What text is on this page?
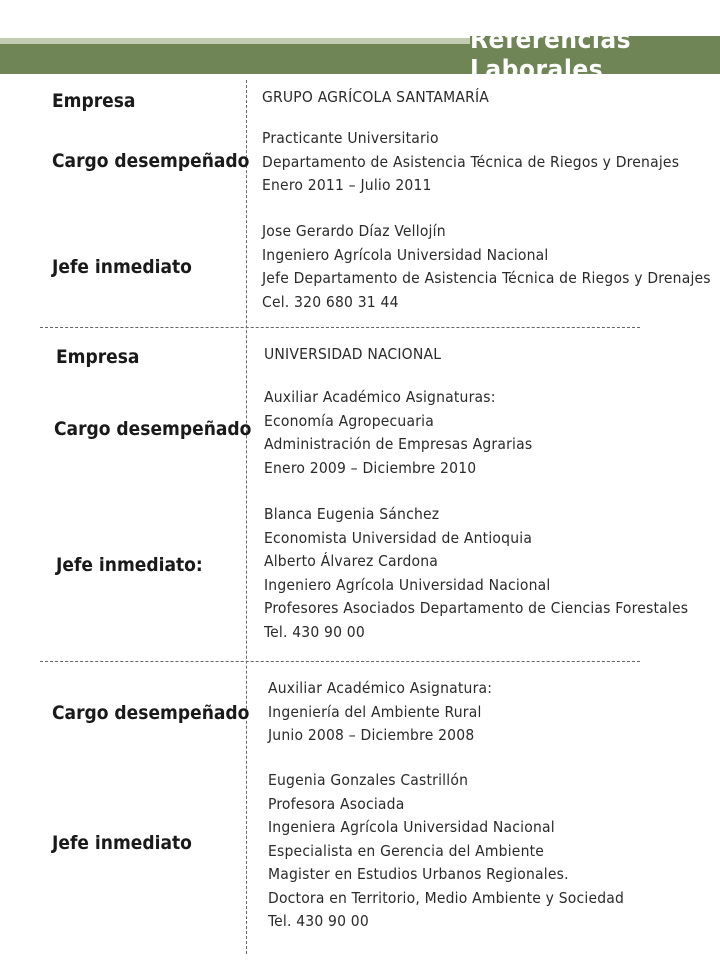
Referencias Laborales
Empresa	GRUPO AGRÍCOLA SANTAMARÍA
Cargo desempeñado
Practicante Universitario
Departamento de Asistencia Técnica de Riegos y Drenajes
Enero 2011 – Julio 2011
Jefe inmediato
Jose Gerardo Díaz Vellojín
Ingeniero Agrícola Universidad Nacional
Jefe Departamento de Asistencia Técnica de Riegos y Drenajes
Cel. 320 680 31 44
Empresa	UNIVERSIDAD NACIONAL
Cargo desempeñado
Auxiliar Académico Asignaturas:
Economía Agropecuaria
Administración de Empresas Agrarias
Enero 2009 – Diciembre 2010
Jefe inmediato:
Blanca Eugenia Sánchez
Economista Universidad de Antioquia
Alberto Álvarez Cardona
Ingeniero Agrícola Universidad Nacional
Profesores Asociados Departamento de Ciencias Forestales
Tel. 430 90 00
Cargo desempeñado
Auxiliar Académico Asignatura:
Ingeniería del Ambiente Rural
Junio 2008 – Diciembre 2008
Jefe inmediato
Eugenia Gonzales Castrillón
Profesora Asociada
Ingeniera Agrícola Universidad Nacional
Especialista en Gerencia del Ambiente
Magister en Estudios Urbanos Regionales.
Doctora en Territorio, Medio Ambiente y Sociedad
Tel. 430 90 00
